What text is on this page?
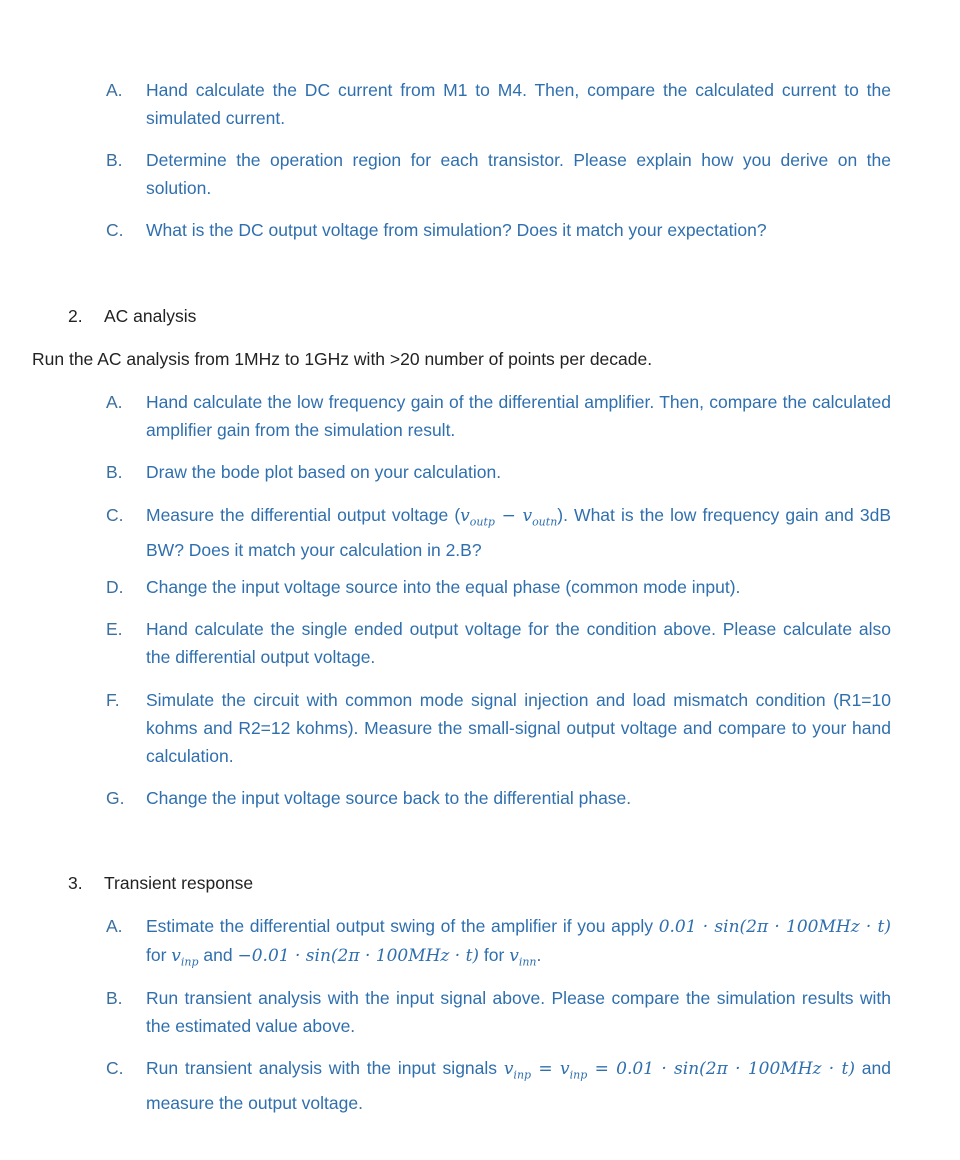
A.	Hand calculate the DC current from M1 to M4. Then, compare the calculated current to the simulated current.
B.	Determine the operation region for each transistor. Please explain how you derive on the solution.
C.	What is the DC output voltage from simulation? Does it match your expectation?
2. AC analysis
Run the AC analysis from 1MHz to 1GHz with >20 number of points per decade.
A.	Hand calculate the low frequency gain of the differential amplifier. Then, compare the calculated amplifier gain from the simulation result.
B.	Draw the bode plot based on your calculation.
C.	Measure the differential output voltage $(v_{outp} - v_{outn})$. What is the low frequency gain and 3dB BW? Does it match your calculation in 2.B?
D.	Change the input voltage source into the equal phase (common mode input).
E.	Hand calculate the single ended output voltage for the condition above. Please calculate also the differential output voltage.
F.	Simulate the circuit with common mode signal injection and load mismatch condition (R1=10 kohms and R2=12 kohms). Measure the small-signal output voltage and compare to your hand calculation.
G.	Change the input voltage source back to the differential phase.
3. Transient response
A.	Estimate the differential output swing of the amplifier if you apply 0.01 · sin(2π · 100MHz · t) for $v_{inp}$ and −0.01 · sin(2π · 100MHz · t) for $v_{inn}$.
B.	Run transient analysis with the input signal above. Please compare the simulation results with the estimated value above.
C.	Run transient analysis with the input signals $v_{inp} = v_{inp} = 0.01 \cdot \sin(2\pi \cdot 100MHz \cdot t)$ and measure the output voltage.
